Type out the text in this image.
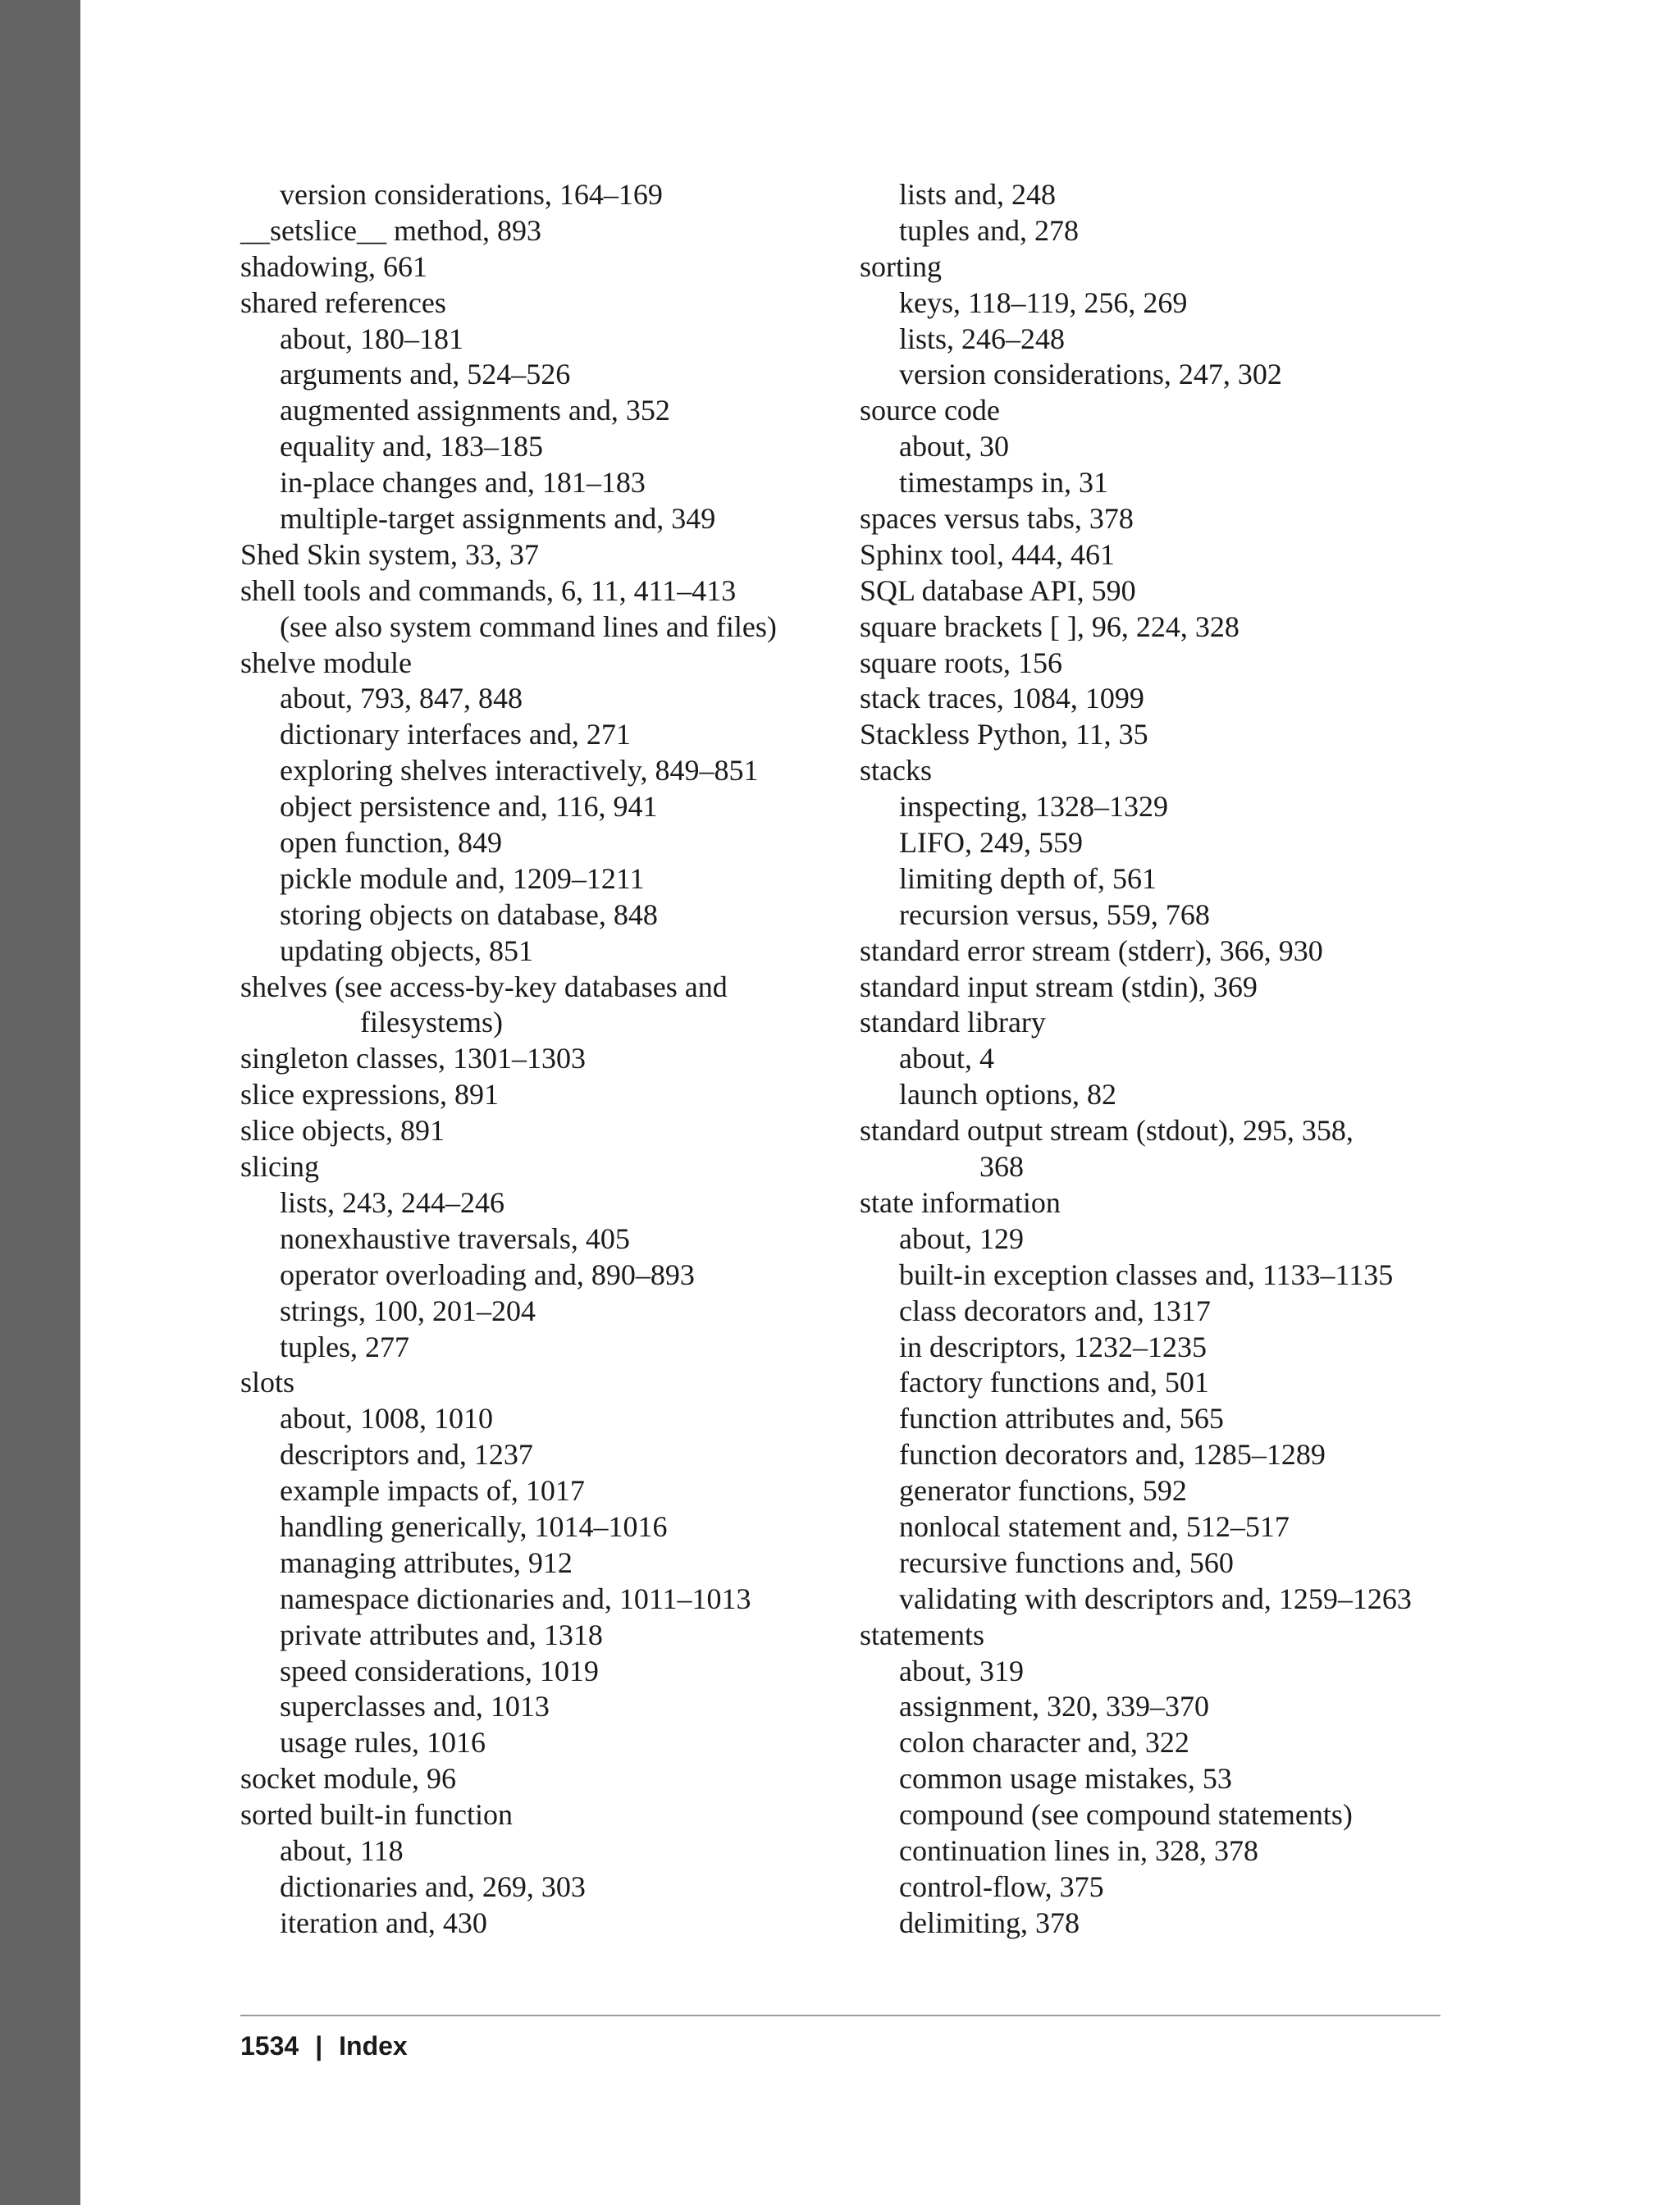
version considerations, 164–169
__setslice__ method, 893
shadowing, 661
shared references
about, 180–181
arguments and, 524–526
augmented assignments and, 352
equality and, 183–185
in-place changes and, 181–183
multiple-target assignments and, 349
Shed Skin system, 33, 37
shell tools and commands, 6, 11, 411–413
(see also system command lines and files)
shelve module
about, 793, 847, 848
dictionary interfaces and, 271
exploring shelves interactively, 849–851
object persistence and, 116, 941
open function, 849
pickle module and, 1209–1211
storing objects on database, 848
updating objects, 851
shelves (see access-by-key databases and
filesystems)
singleton classes, 1301–1303
slice expressions, 891
slice objects, 891
slicing
lists, 243, 244–246
nonexhaustive traversals, 405
operator overloading and, 890–893
strings, 100, 201–204
tuples, 277
slots
about, 1008, 1010
descriptors and, 1237
example impacts of, 1017
handling generically, 1014–1016
managing attributes, 912
namespace dictionaries and, 1011–1013
private attributes and, 1318
speed considerations, 1019
superclasses and, 1013
usage rules, 1016
socket module, 96
sorted built-in function
about, 118
dictionaries and, 269, 303
iteration and, 430
lists and, 248
tuples and, 278
sorting
keys, 118–119, 256, 269
lists, 246–248
version considerations, 247, 302
source code
about, 30
timestamps in, 31
spaces versus tabs, 378
Sphinx tool, 444, 461
SQL database API, 590
square brackets [ ], 96, 224, 328
square roots, 156
stack traces, 1084, 1099
Stackless Python, 11, 35
stacks
inspecting, 1328–1329
LIFO, 249, 559
limiting depth of, 561
recursion versus, 559, 768
standard error stream (stderr), 366, 930
standard input stream (stdin), 369
standard library
about, 4
launch options, 82
standard output stream (stdout), 295, 358,
368
state information
about, 129
built-in exception classes and, 1133–1135
class decorators and, 1317
in descriptors, 1232–1235
factory functions and, 501
function attributes and, 565
function decorators and, 1285–1289
generator functions, 592
nonlocal statement and, 512–517
recursive functions and, 560
validating with descriptors and, 1259–1263
statements
about, 319
assignment, 320, 339–370
colon character and, 322
common usage mistakes, 53
compound (see compound statements)
continuation lines in, 328, 378
control-flow, 375
delimiting, 378
1534 | Index
